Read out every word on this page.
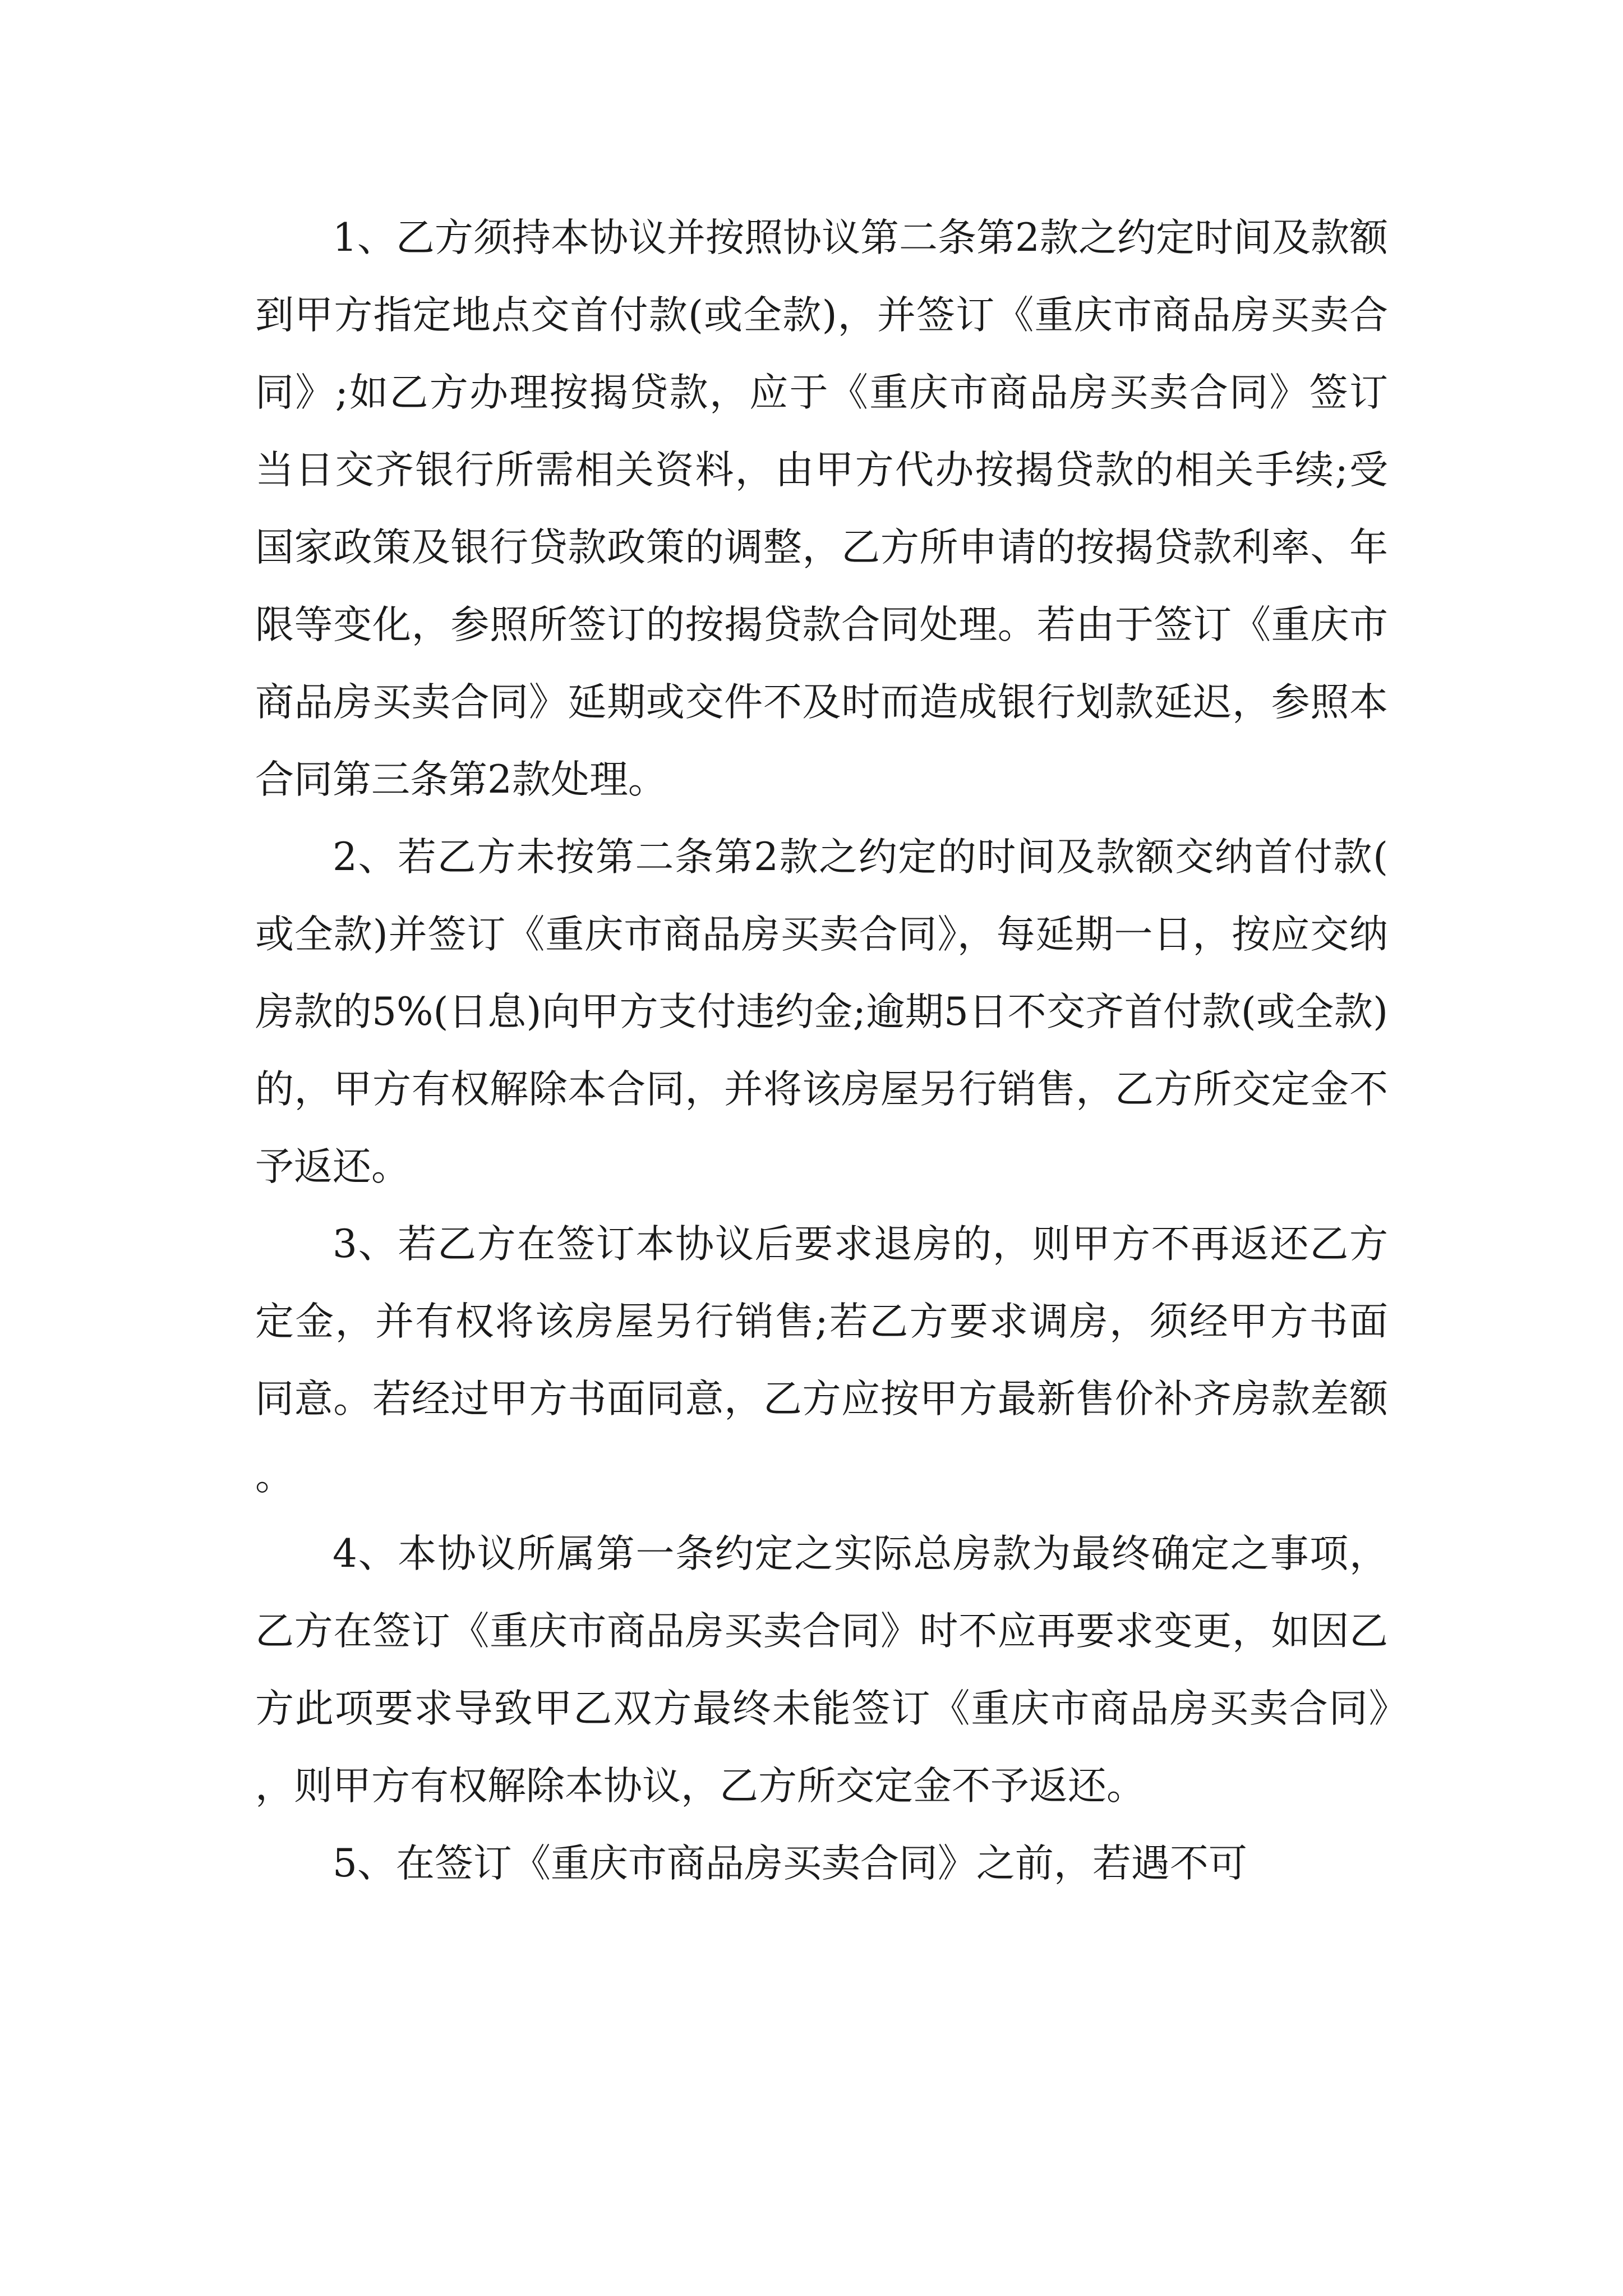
1、乙方须持本协议并按照协议第二条第2款之约定时间及款额到甲方指定地点交首付款(或全款)，并签订《重庆市商品房买卖合同》;如乙方办理按揭贷款，应于《重庆市商品房买卖合同》签订当日交齐银行所需相关资料，由甲方代办按揭贷款的相关手续;受国家政策及银行贷款政策的调整，乙方所申请的按揭贷款利率、年限等变化，参照所签订的按揭贷款合同处理。若由于签订《重庆市商品房买卖合同》延期或交件不及时而造成银行划款延迟，参照本合同第三条第2款处理。

2、若乙方未按第二条第2款之约定的时间及款额交纳首付款(或全款)并签订《重庆市商品房买卖合同》，每延期一日，按应交纳房款的5%(日息)向甲方支付违约金;逾期5日不交齐首付款(或全款)的，甲方有权解除本合同，并将该房屋另行销售，乙方所交定金不予返还。

3、若乙方在签订本协议后要求退房的，则甲方不再返还乙方定金，并有权将该房屋另行销售;若乙方要求调房，须经甲方书面同意。若经过甲方书面同意，乙方应按甲方最新售价补齐房款差额。

4、本协议所属第一条约定之实际总房款为最终确定之事项，乙方在签订《重庆市商品房买卖合同》时不应再要求变更，如因乙方此项要求导致甲乙双方最终未能签订《重庆市商品房买卖合同》，则甲方有权解除本协议，乙方所交定金不予返还。

5、在签订《重庆市商品房买卖合同》之前，若遇不可
